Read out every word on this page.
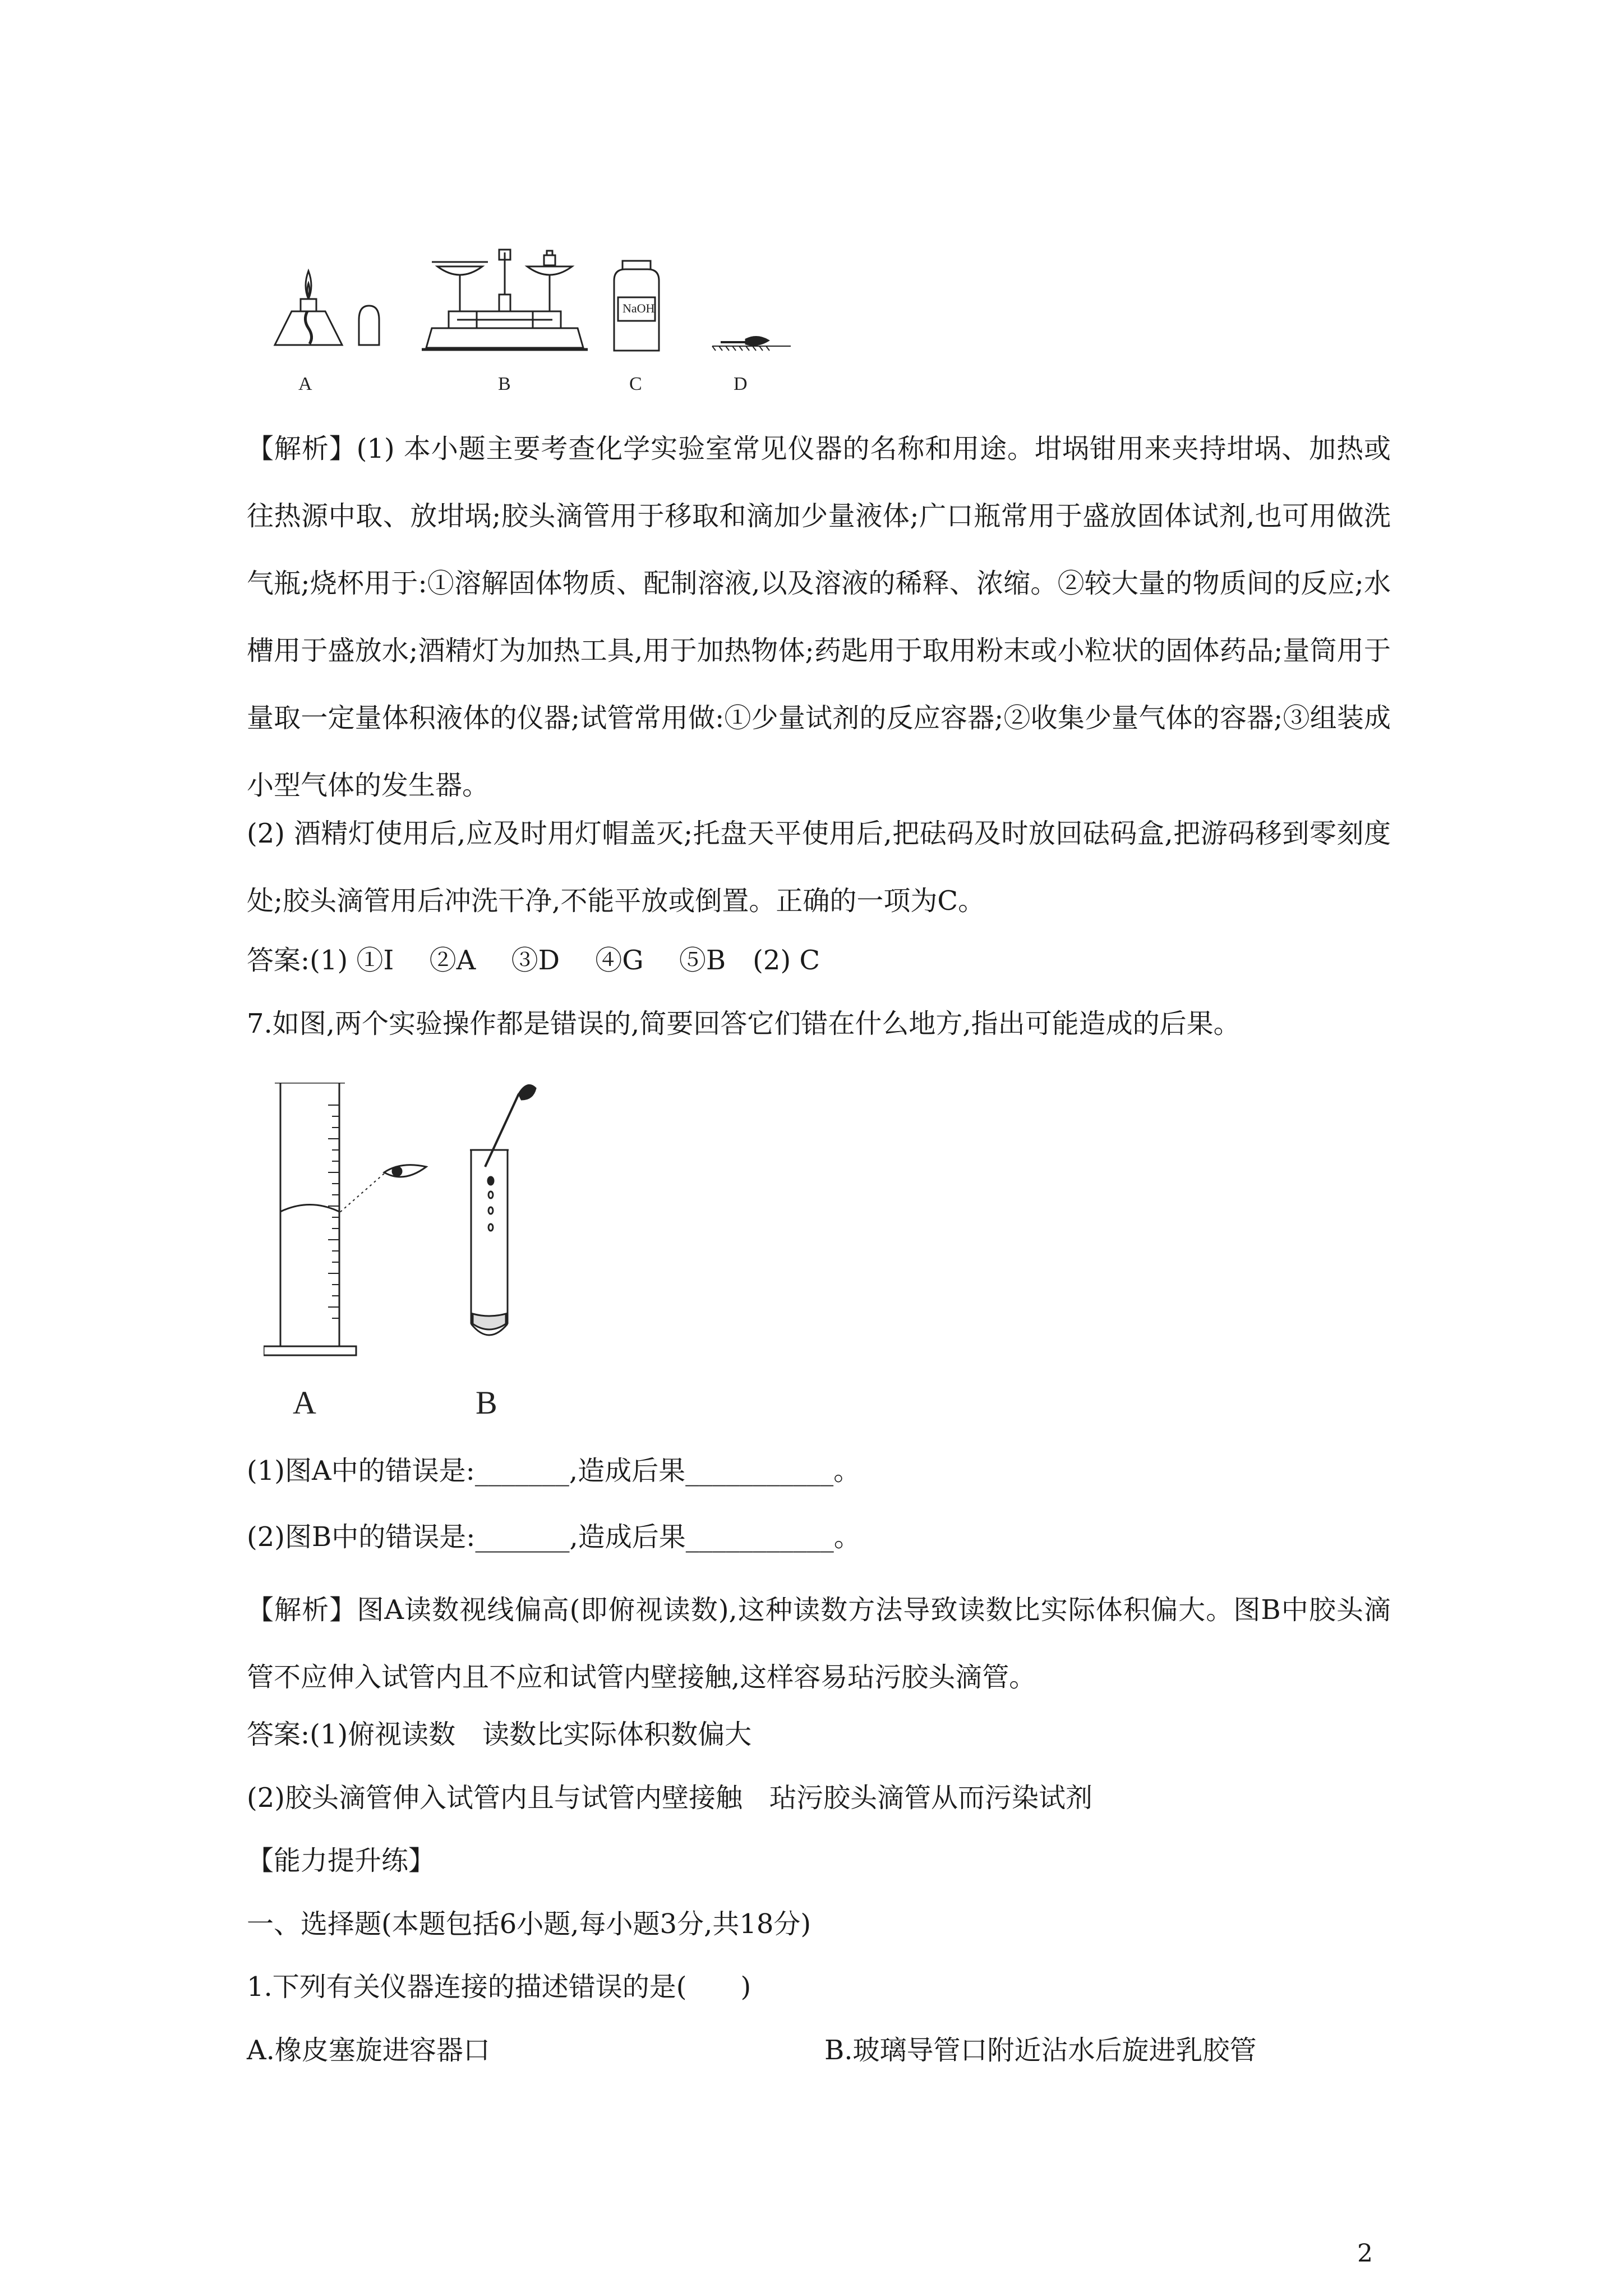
A	B	C	D
NaOH
【解析】(1) 本小题主要考查化学实验室常见仪器的名称和用途。坩埚钳用来夹持坩埚、加热或往热源中取、放坩埚;胶头滴管用于移取和滴加少量液体;广口瓶常用于盛放固体试剂,也可用做洗气瓶;烧杯用于:①溶解固体物质、配制溶液,以及溶液的稀释、浓缩。②较大量的物质间的反应;水槽用于盛放水;酒精灯为加热工具,用于加热物体;药匙用于取用粉末或小粒状的固体药品;量筒用于量取一定量体积液体的仪器;试管常用做:①少量试剂的反应容器;②收集少量气体的容器;③组装成小型气体的发生器。
(2) 酒精灯使用后,应及时用灯帽盖灭;托盘天平使用后,把砝码及时放回砝码盒,把游码移到零刻度处;胶头滴管用后冲洗干净,不能平放或倒置。正确的一项为C。
答案:(1) ①I　 ②A　 ③D　 ④G　 ⑤B　(2) C
7.如图,两个实验操作都是错误的,简要回答它们错在什么地方,指出可能造成的后果。
A	B
(1)图A中的错误是:_______,造成后果___________。
(2)图B中的错误是:_______,造成后果___________。
【解析】图A读数视线偏高(即俯视读数),这种读数方法导致读数比实际体积偏大。图B中胶头滴管不应伸入试管内且不应和试管内壁接触,这样容易玷污胶头滴管。
答案:(1)俯视读数　读数比实际体积数偏大
(2)胶头滴管伸入试管内且与试管内壁接触　玷污胶头滴管从而污染试剂
【能力提升练】
一、选择题(本题包括6小题,每小题3分,共18分)
1.下列有关仪器连接的描述错误的是(　　)
A.橡皮塞旋进容器口	B.玻璃导管口附近沾水后旋进乳胶管
2
